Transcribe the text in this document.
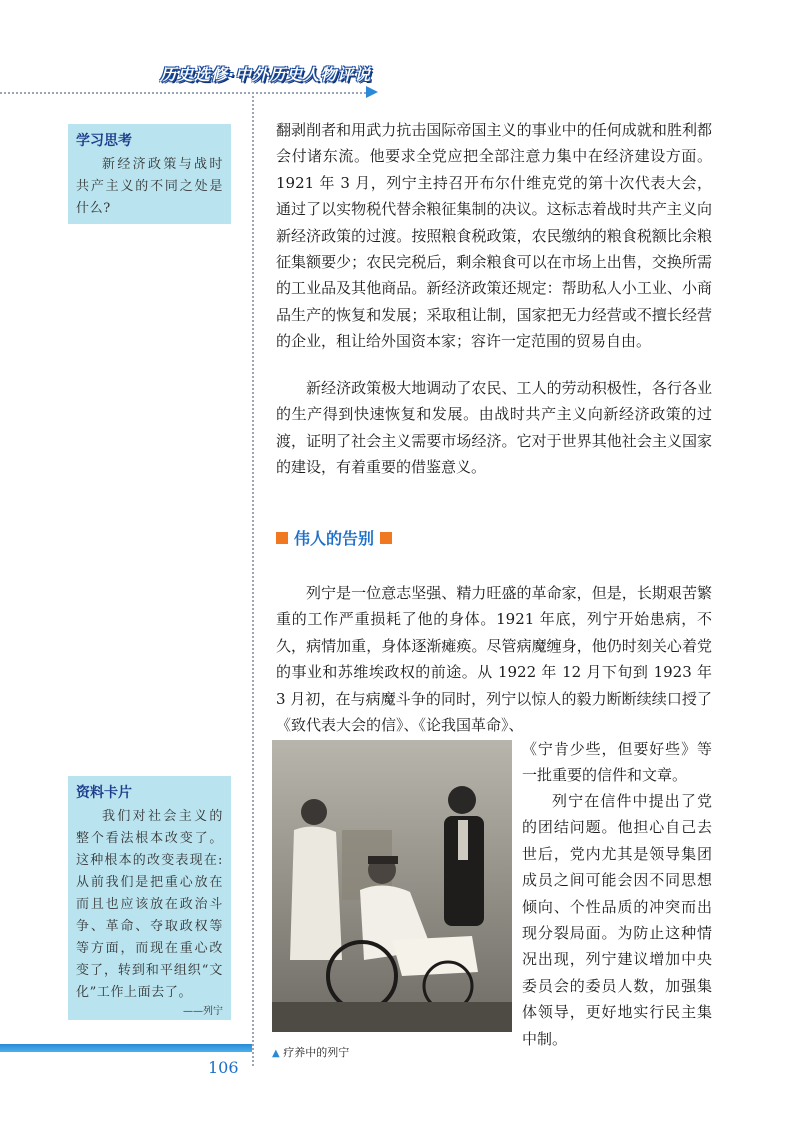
历史选修·中外历史人物评说
学习思考
新经济政策与战时共产主义的不同之处是什么?
翻剥削者和用武力抗击国际帝国主义的事业中的任何成就和胜利都会付诸东流。他要求全党应把全部注意力集中在经济建设方面。1921 年 3 月，列宁主持召开布尔什维克党的第十次代表大会，通过了以实物税代替余粮征集制的决议。这标志着战时共产主义向新经济政策的过渡。按照粮食税政策，农民缴纳的粮食税额比余粮征集额要少；农民完税后，剩余粮食可以在市场上出售，交换所需的工业品及其他商品。新经济政策还规定：帮助私人小工业、小商品生产的恢复和发展；采取租让制，国家把无力经营或不擅长经营的企业，租让给外国资本家；容许一定范围的贸易自由。
新经济政策极大地调动了农民、工人的劳动积极性，各行各业的生产得到快速恢复和发展。由战时共产主义向新经济政策的过渡，证明了社会主义需要市场经济。它对于世界其他社会主义国家的建设，有着重要的借鉴意义。
伟人的告别
列宁是一位意志坚强、精力旺盛的革命家，但是，长期艰苦繁重的工作严重损耗了他的身体。1921 年底，列宁开始患病，不久，病情加重，身体逐渐瘫痪。尽管病魔缠身，他仍时刻关心着党的事业和苏维埃政权的前途。从 1922 年 12 月下旬到 1923 年 3 月初，在与病魔斗争的同时，列宁以惊人的毅力断断续续口授了《致代表大会的信》、《论我国革命》、
《宁肯少些，但要好些》等一批重要的信件和文章。
列宁在信件中提出了党的团结问题。他担心自己去世后，党内尤其是领导集团成员之间可能会因不同思想倾向、个性品质的冲突而出现分裂局面。为防止这种情况出现，列宁建议增加中央委员会的委员人数，加强集体领导，更好地实行民主集中制。
资料卡片
我们对社会主义的整个看法根本改变了。这种根本的改变表现在:从前我们是把重心放在而且也应该放在政治斗争、革命、夺取政权等等方面，而现在重心改变了，转到和平组织“文化”工作上面去了。
——列宁
▲ 疗养中的列宁
106
